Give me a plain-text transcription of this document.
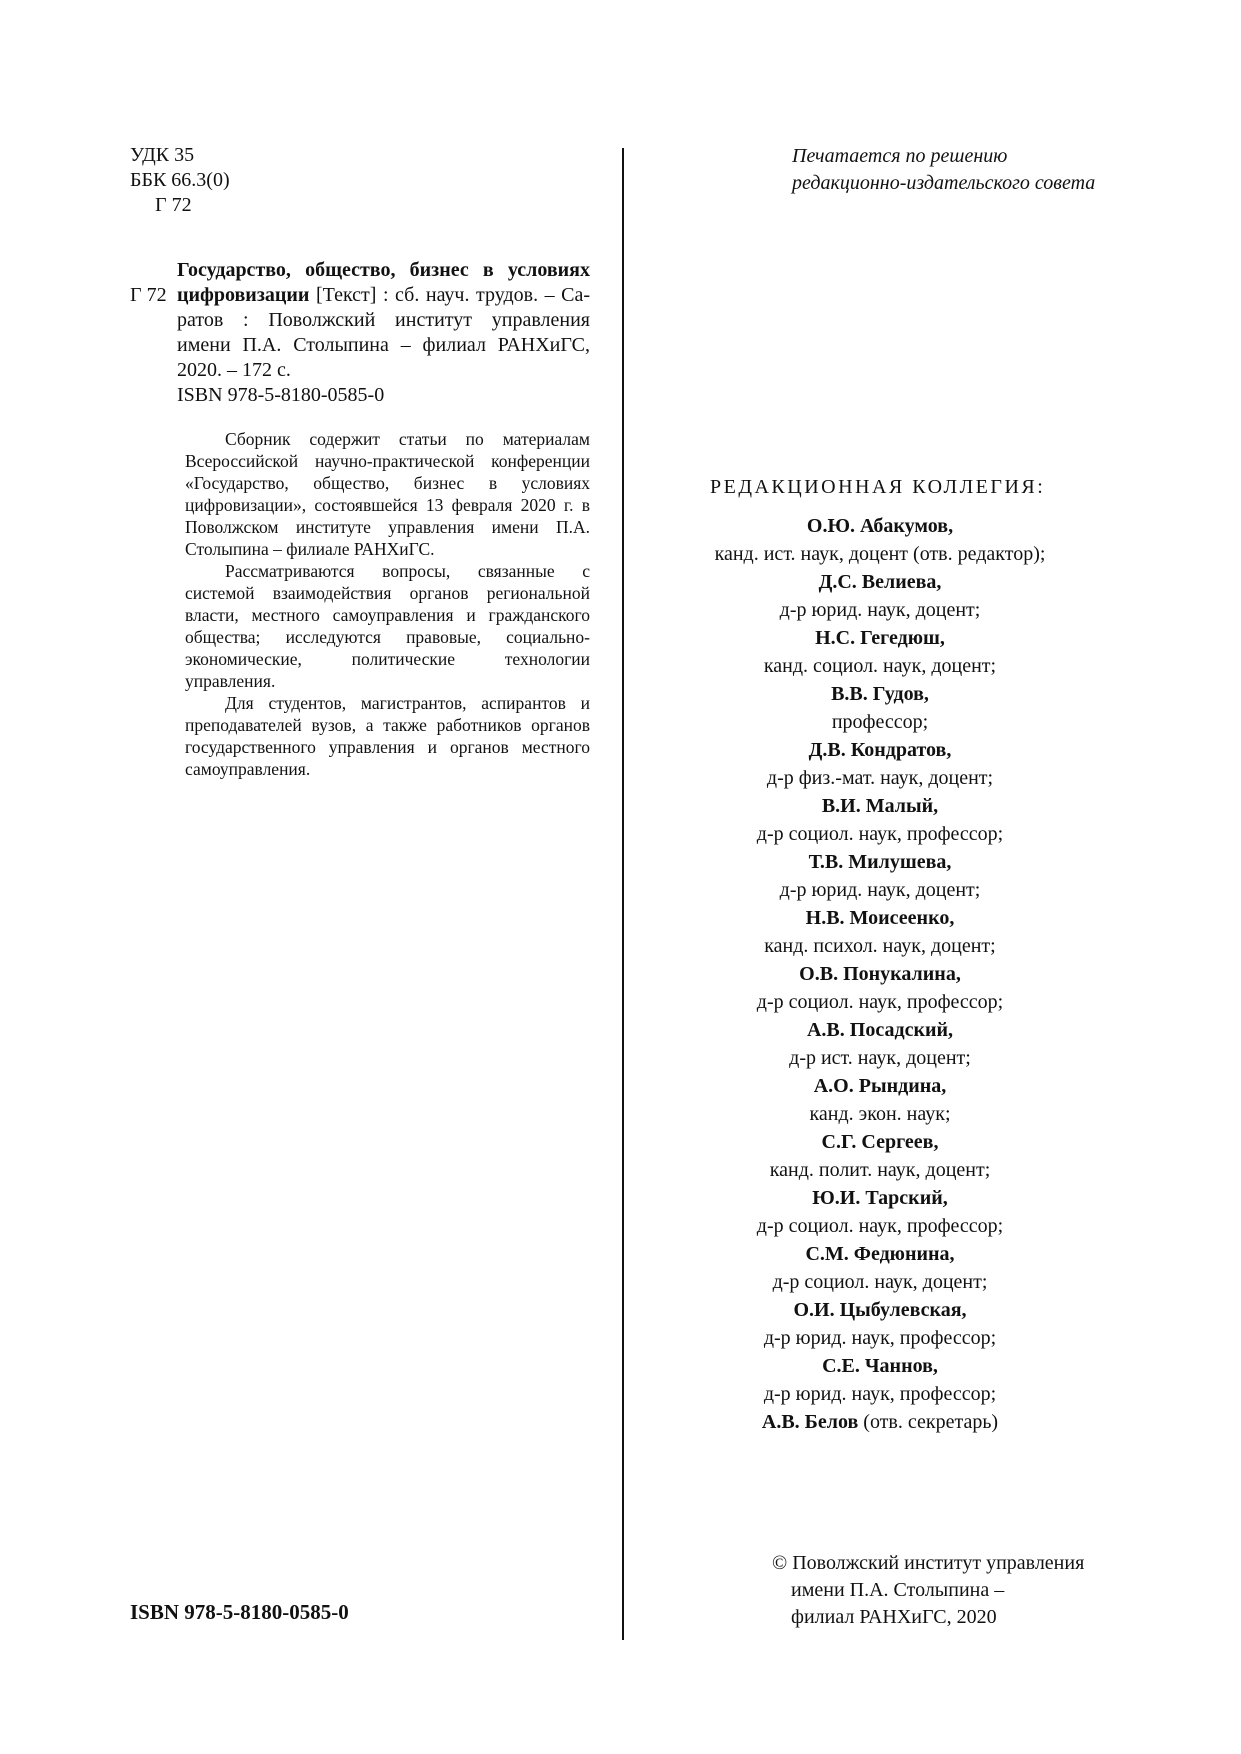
УДК 35
ББК 66.3(0)
Г 72
Г 72
Государство, общество, бизнес в условиях
цифровизации [Текст] : сб. науч. трудов. – Са-
ратов : Поволжский институт управления
имени П.А. Столыпина – филиал РАНХиГС,
2020. – 172 с.
ISBN 978-5-8180-0585-0

Сборник содержит статьи по материалам Всероссийской научно-практической конференции «Государство, общество, бизнес в условиях цифровизации», состоявшейся 13 февраля 2020 г. в Поволжском институте управления имени П.А. Столыпина – филиале РАНХиГС.

Рассматриваются вопросы, связанные с системой взаимодействия органов региональной власти, местного самоуправления и гражданского общества; исследуются правовые, социально-экономические, политические технологии управления.

Для студентов, магистрантов, аспирантов и преподавателей вузов, а также работников органов государственного управления и органов местного самоуправления.

ISBN 978-5-8180-0585-0
Печатается по решению
редакционно-издательского совета
РЕДАКЦИОННАЯ КОЛЛЕГИЯ:
О.Ю. Абакумов,
канд. ист. наук, доцент (отв. редактор);
Д.С. Велиева,
д-р юрид. наук, доцент;
Н.С. Гегедюш,
канд. социол. наук, доцент;
В.В. Гудов,
профессор;
Д.В. Кондратов,
д-р физ.-мат. наук, доцент;
В.И. Малый,
д-р социол. наук, профессор;
Т.В. Милушева,
д-р юрид. наук, доцент;
Н.В. Моисеенко,
канд. психол. наук, доцент;
О.В. Понукалина,
д-р социол. наук, профессор;
А.В. Посадский,
д-р ист. наук, доцент;
А.О. Рындина,
канд. экон. наук;
С.Г. Сергеев,
канд. полит. наук, доцент;
Ю.И. Тарский,
д-р социол. наук, профессор;
С.М. Федюнина,
д-р социол. наук, доцент;
О.И. Цыбулевская,
д-р юрид. наук, профессор;
С.Е. Чаннов,
д-р юрид. наук, профессор;
А.В. Белов (отв. секретарь)
© Поволжский институт управления
имени П.А. Столыпина –
филиал РАНХиГС, 2020
